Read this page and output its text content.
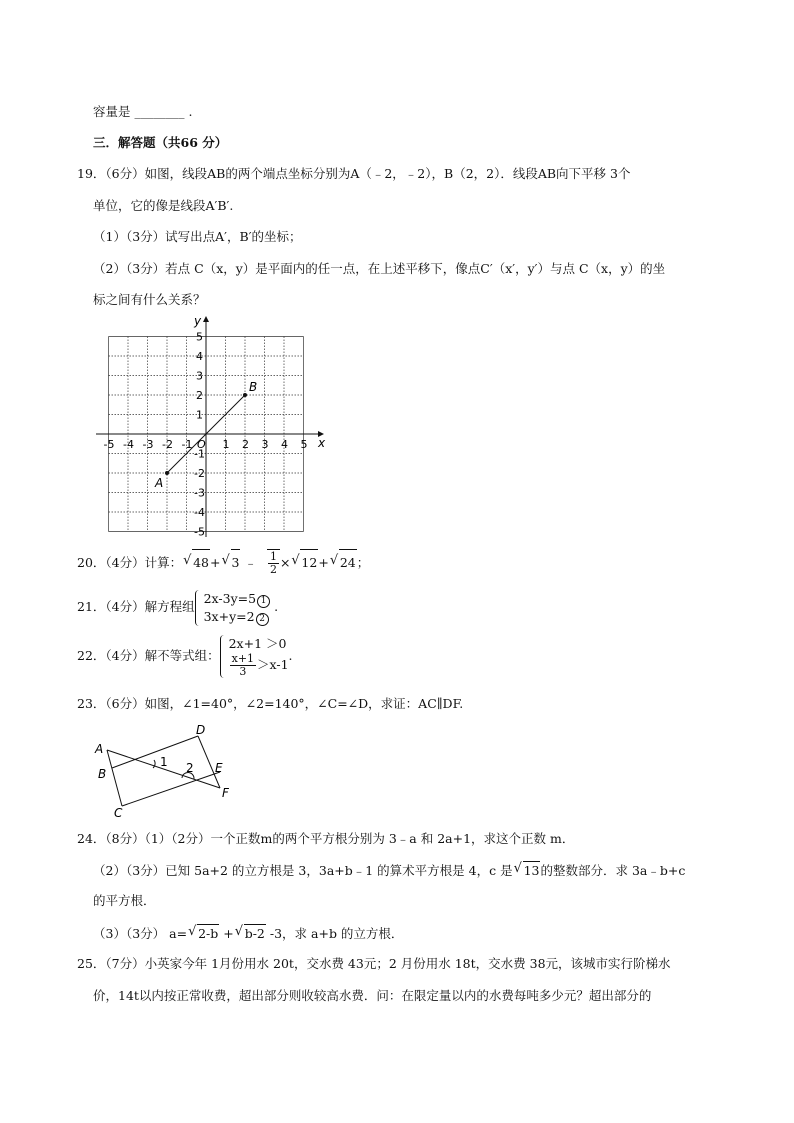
容量是 ________ .
三．解答题（共66 分）
19．（6分）如图，线段AB的两个端点坐标分别为A（﹣2，﹣2），B（2，2）．线段AB向下平移 3个
单位，它的像是线段A′B′.
（1）（3分）试写出点A′，B′的坐标；
（2）（3分）若点 C（x，y）是平面内的任一点，在上述平移下，像点C′（x′，y′）与点 C（x，y）的坐
标之间有什么关系？
-5 -4 -3 -2 -1	1 2 3 4 5
5
4
3
2
1
-1
-2
-3
-4
-5
A
B
O	x
y
20．（4分）计算： √ 48+ √ 3 ﹣ $\frac{1}{2}$ × √ 12+ √ 24；
21．（4分）解方程组
2x-3y=5 1
3x+y=2 2
.
22．（4分）解不等式组：
2x+1 ＞0
$\frac{x+1}{3} >x-1$
.
23．（6分）如图，∠1=40°，∠2=140°，∠C=∠D，求证：AC∥DF.
A
B
C
D
E
F
1 2
24．（8分）（1）（2分）一个正数m的两个平方根分别为 3﹣a 和 2a+1，求这个正数 m．
（2）（3分）已知 5a+2 的立方根是 3，3a+b﹣1 的算术平方根是 4，c 是 √ 13的整数部分．求 3a﹣b+c
的平方根．
（3）（3分） a= √ 2-b + √ b-2 -3，求 a+b 的立方根．
25．（7分）小英家今年 1月份用水 20t，交水费 43元；2 月份用水 18t，交水费 38元，该城市实行阶梯水
价，14t以内按正常收费，超出部分则收较高水费．问：在限定量以内的水费每吨多少元？超出部分的
